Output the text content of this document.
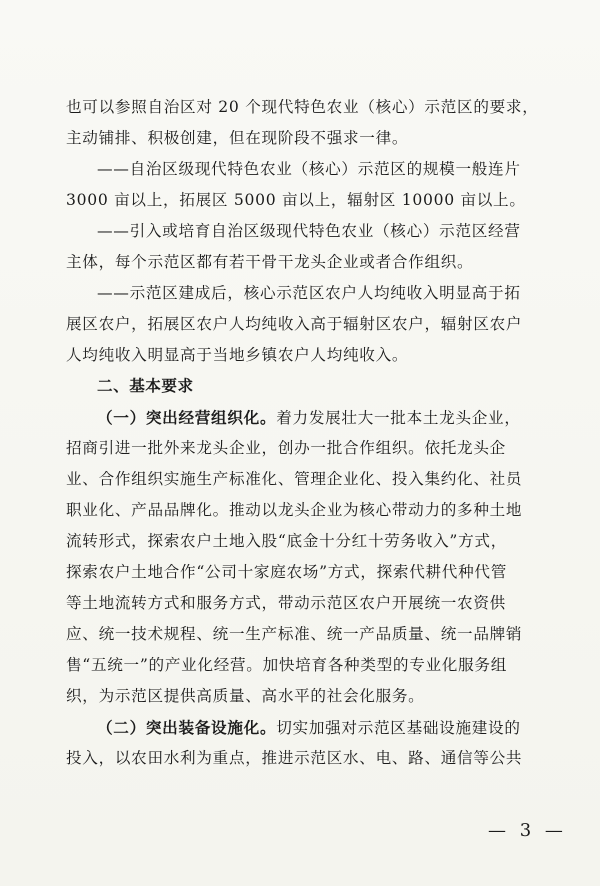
也可以参照自治区对 20 个现代特色农业（核心）示范区的要求，
主动铺排、积极创建，但在现阶段不强求一律。
——自治区级现代特色农业（核心）示范区的规模一般连片
3000 亩以上，拓展区 5000 亩以上，辐射区 10000 亩以上。
——引入或培育自治区级现代特色农业（核心）示范区经营
主体，每个示范区都有若干骨干龙头企业或者合作组织。
——示范区建成后，核心示范区农户人均纯收入明显高于拓
展区农户，拓展区农户人均纯收入高于辐射区农户，辐射区农户
人均纯收入明显高于当地乡镇农户人均纯收入。
二、基本要求
（一）突出经营组织化。着力发展壮大一批本土龙头企业，
招商引进一批外来龙头企业，创办一批合作组织。依托龙头企
业、合作组织实施生产标准化、管理企业化、投入集约化、社员
职业化、产品品牌化。推动以龙头企业为核心带动力的多种土地
流转形式，探索农户土地入股“底金十分红十劳务收入”方式，
探索农户土地合作“公司十家庭农场”方式，探索代耕代种代管
等土地流转方式和服务方式，带动示范区农户开展统一农资供
应、统一技术规程、统一生产标准、统一产品质量、统一品牌销
售“五统一”的产业化经营。加快培育各种类型的专业化服务组
织，为示范区提供高质量、高水平的社会化服务。
（二）突出装备设施化。切实加强对示范区基础设施建设的
投入，以农田水利为重点，推进示范区水、电、路、通信等公共
— 3 —
